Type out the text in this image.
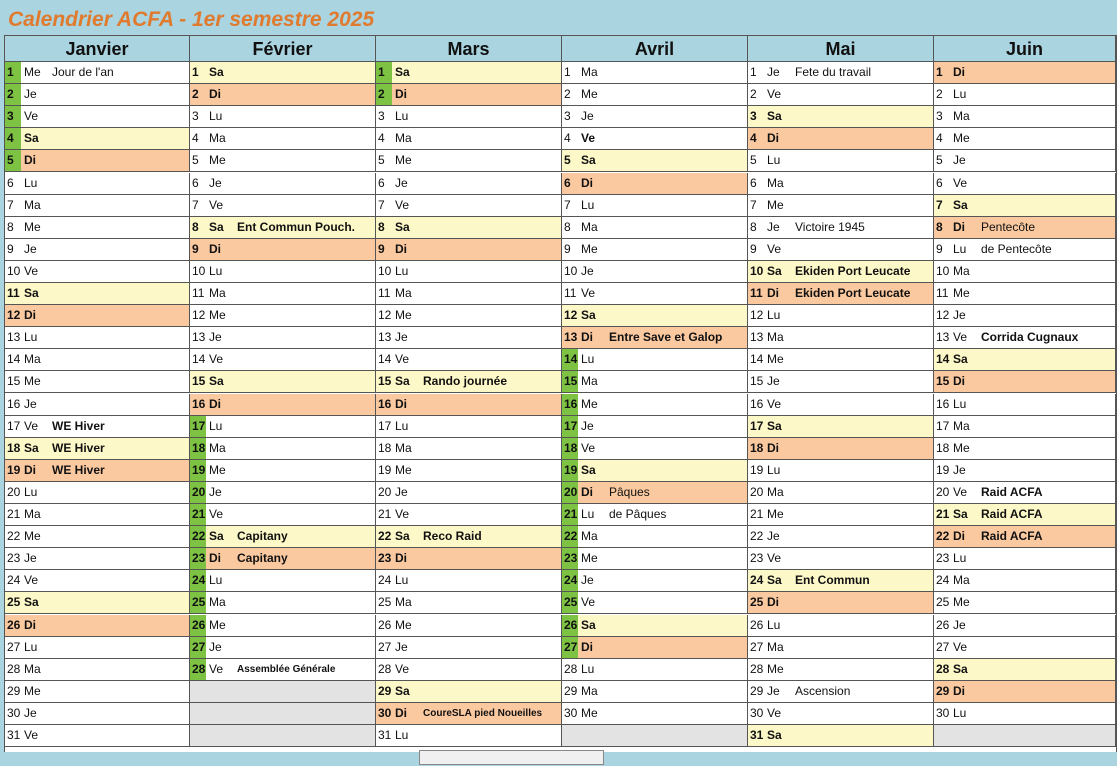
Calendrier ACFA - 1er semestre 2025
Janvier
1 Me Jour de l'an
2 Je
3 Ve
4 Sa
5 Di
6 Lu
7 Ma
8 Me
9 Je
10 Ve
11 Sa
12 Di
13 Lu
14 Ma
15 Me
16 Je
17 Ve WE Hiver
18 Sa WE Hiver
19 Di WE Hiver
20 Lu
21 Ma
22 Me
23 Je
24 Ve
25 Sa
26 Di
27 Lu
28 Ma
29 Me
30 Je
31 Ve
Février
1 Sa
2 Di
3 Lu
4 Ma
5 Me
6 Je
7 Ve
8 Sa Ent Commun Pouch.
9 Di
10 Lu
11 Ma
12 Me
13 Je
14 Ve
15 Sa
16 Di
17 Lu
18 Ma
19 Me
20 Je
21 Ve
22 Sa Capitany
23 Di Capitany
24 Lu
25 Ma
26 Me
27 Je
28 Ve Assemblée Générale
Mars
1 Sa
2 Di
3 Lu
4 Ma
5 Me
6 Je
7 Ve
8 Sa
9 Di
10 Lu
11 Ma
12 Me
13 Je
14 Ve
15 Sa Rando journée
16 Di
17 Lu
18 Ma
19 Me
20 Je
21 Ve
22 Sa Reco Raid
23 Di
24 Lu
25 Ma
26 Me
27 Je
28 Ve
29 Sa
30 Di CoureSLA pied Noueilles
31 Lu
Avril
1 Ma
2 Me
3 Je
4 Ve
5 Sa
6 Di
7 Lu
8 Ma
9 Me
10 Je
11 Ve
12 Sa
13 Di Entre Save et Galop
14 Lu
15 Ma
16 Me
17 Je
18 Ve
19 Sa
20 Di Pâques
21 Lu de Pâques
22 Ma
23 Me
24 Je
25 Ve
26 Sa
27 Di
28 Lu
29 Ma
30 Me
Mai
1 Je Fete du travail
2 Ve
3 Sa
4 Di
5 Lu
6 Ma
7 Me
8 Je Victoire 1945
9 Ve
10 Sa Ekiden Port Leucate
11 Di Ekiden Port Leucate
12 Lu
13 Ma
14 Me
15 Je
16 Ve
17 Sa
18 Di
19 Lu
20 Ma
21 Me
22 Je
23 Ve
24 Sa Ent Commun
25 Di
26 Lu
27 Ma
28 Me
29 Je Ascension
30 Ve
31 Sa
Juin
1 Di
2 Lu
3 Ma
4 Me
5 Je
6 Ve
7 Sa
8 Di Pentecôte
9 Lu de Pentecôte
10 Ma
11 Me
12 Je
13 Ve Corrida Cugnaux
14 Sa
15 Di
16 Lu
17 Ma
18 Me
19 Je
20 Ve Raid ACFA
21 Sa Raid ACFA
22 Di Raid ACFA
23 Lu
24 Ma
25 Me
26 Je
27 Ve
28 Sa
29 Di
30 Lu
